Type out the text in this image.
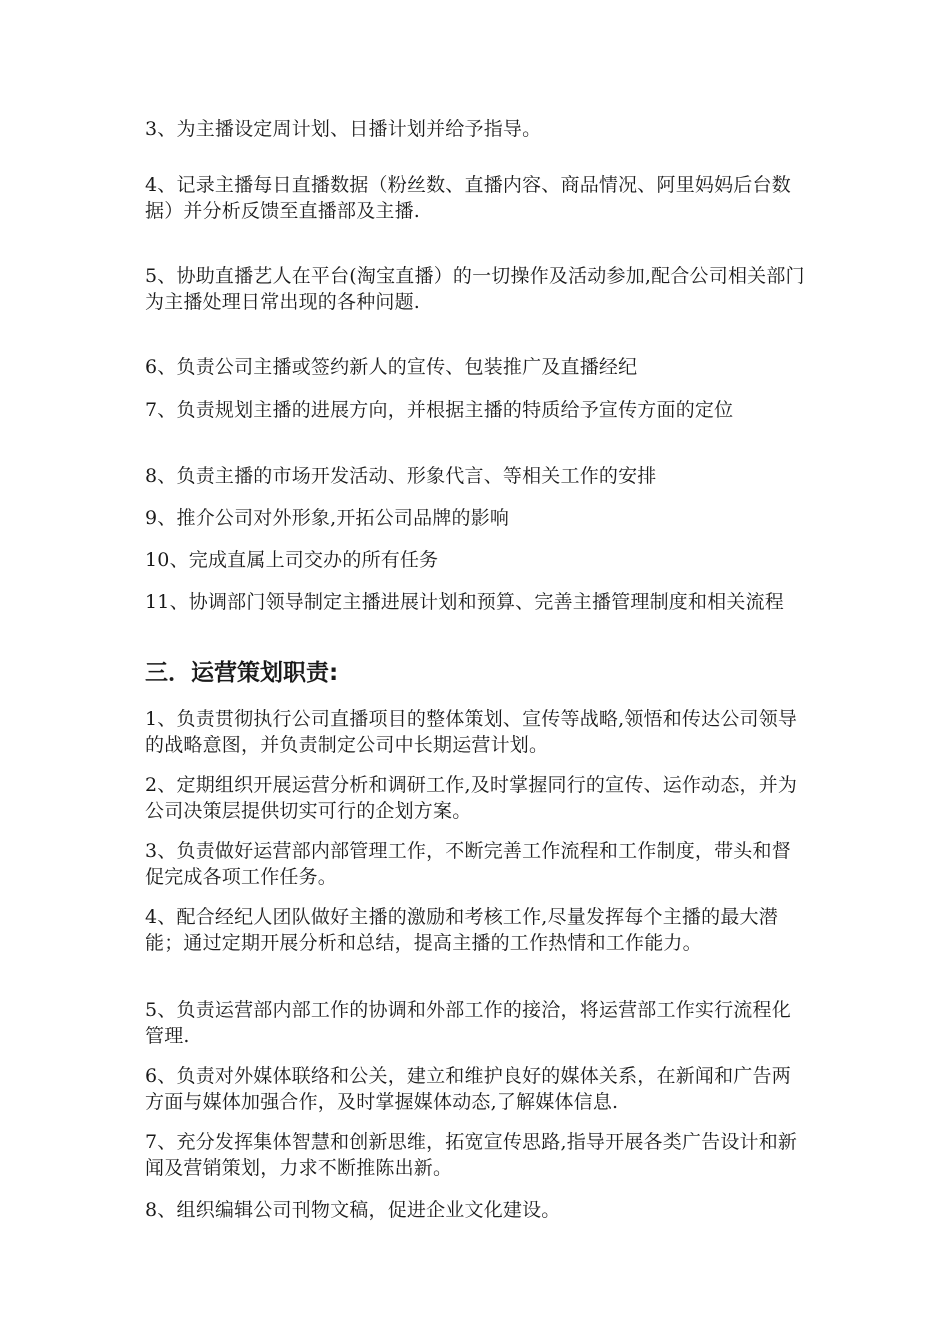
3、为主播设定周计划、日播计划并给予指导。

4、记录主播每日直播数据（粉丝数、直播内容、商品情况、阿里妈妈后台数据）并分析反馈至直播部及主播.

5、协助直播艺人在平台(淘宝直播）的一切操作及活动参加,配合公司相关部门为主播处理日常出现的各种问题.

6、负责公司主播或签约新人的宣传、包装推广及直播经纪

7、负责规划主播的进展方向，并根据主播的特质给予宣传方面的定位

8、负责主播的市场开发活动、形象代言、等相关工作的安排

9、推介公司对外形象,开拓公司品牌的影响

10、完成直属上司交办的所有任务

11、协调部门领导制定主播进展计划和预算、完善主播管理制度和相关流程

三．运营策划职责:

1、负责贯彻执行公司直播项目的整体策划、宣传等战略,领悟和传达公司领导的战略意图，并负责制定公司中长期运营计划。

2、定期组织开展运营分析和调研工作,及时掌握同行的宣传、运作动态，并为公司决策层提供切实可行的企划方案。

3、负责做好运营部内部管理工作，不断完善工作流程和工作制度，带头和督促完成各项工作任务。

4、配合经纪人团队做好主播的激励和考核工作,尽量发挥每个主播的最大潜能；通过定期开展分析和总结，提高主播的工作热情和工作能力。

5、负责运营部内部工作的协调和外部工作的接洽，将运营部工作实行流程化管理.

6、负责对外媒体联络和公关，建立和维护良好的媒体关系，在新闻和广告两方面与媒体加强合作，及时掌握媒体动态,了解媒体信息.

7、充分发挥集体智慧和创新思维，拓宽宣传思路,指导开展各类广告设计和新闻及营销策划，力求不断推陈出新。

8、组织编辑公司刊物文稿，促进企业文化建设。
